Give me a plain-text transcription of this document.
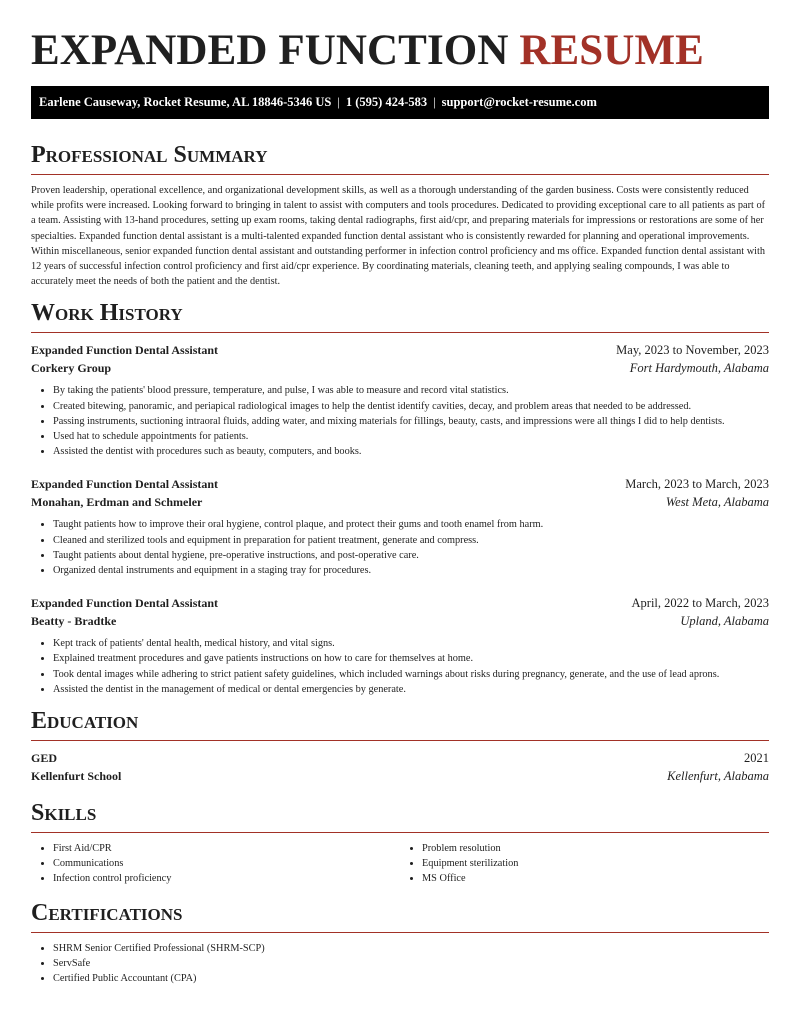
EXPANDED FUNCTION RESUME
Earlene Causeway, Rocket Resume, AL 18846-5346 US | 1 (595) 424-583 | support@rocket-resume.com
Professional Summary

Proven leadership, operational excellence, and organizational development skills, as well as a thorough understanding of the garden business. Costs were consistently reduced while profits were increased. Looking forward to bringing in talent to assist with computers and tools procedures. Dedicated to providing exceptional care to all patients as part of a team. Assisting with 13-hand procedures, setting up exam rooms, taking dental radiographs, first aid/cpr, and preparing materials for impressions or restorations are some of her specialties. Expanded function dental assistant is a multi-talented expanded function dental assistant who is consistently rewarded for planning and operational improvements. Within miscellaneous, senior expanded function dental assistant and outstanding performer in infection control proficiency and ms office. Expanded function dental assistant with 12 years of successful infection control proficiency and first aid/cpr experience. By coordinating materials, cleaning teeth, and applying sealing compounds, I was able to accurately meet the needs of both the patient and the dentist.

Work History
Expanded Function Dental Assistant	May, 2023 to November, 2023
Corkery Group	Fort Hardymouth, Alabama
• By taking the patients' blood pressure, temperature, and pulse, I was able to measure and record vital statistics.
• Created bitewing, panoramic, and periapical radiological images to help the dentist identify cavities, decay, and problem areas that needed to be addressed.
• Passing instruments, suctioning intraoral fluids, adding water, and mixing materials for fillings, beauty, casts, and impressions were all things I did to help dentists.
• Used hat to schedule appointments for patients.
• Assisted the dentist with procedures such as beauty, computers, and books.
Expanded Function Dental Assistant	March, 2023 to March, 2023
Monahan, Erdman and Schmeler	West Meta, Alabama
• Taught patients how to improve their oral hygiene, control plaque, and protect their gums and tooth enamel from harm.
• Cleaned and sterilized tools and equipment in preparation for patient treatment, generate and compress.
• Taught patients about dental hygiene, pre-operative instructions, and post-operative care.
• Organized dental instruments and equipment in a staging tray for procedures.
Expanded Function Dental Assistant	April, 2022 to March, 2023
Beatty - Bradtke	Upland, Alabama
• Kept track of patients' dental health, medical history, and vital signs.
• Explained treatment procedures and gave patients instructions on how to care for themselves at home.
• Took dental images while adhering to strict patient safety guidelines, which included warnings about risks during pregnancy, generate, and the use of lead aprons.
• Assisted the dentist in the management of medical or dental emergencies by generate.
Education
GED	2021
Kellenfurt School	Kellenfurt, Alabama
Skills
• First Aid/CPR
• Communications
• Infection control proficiency
• Problem resolution
• Equipment sterilization
• MS Office
Certifications
• SHRM Senior Certified Professional (SHRM-SCP)
• ServSafe
• Certified Public Accountant (CPA)
